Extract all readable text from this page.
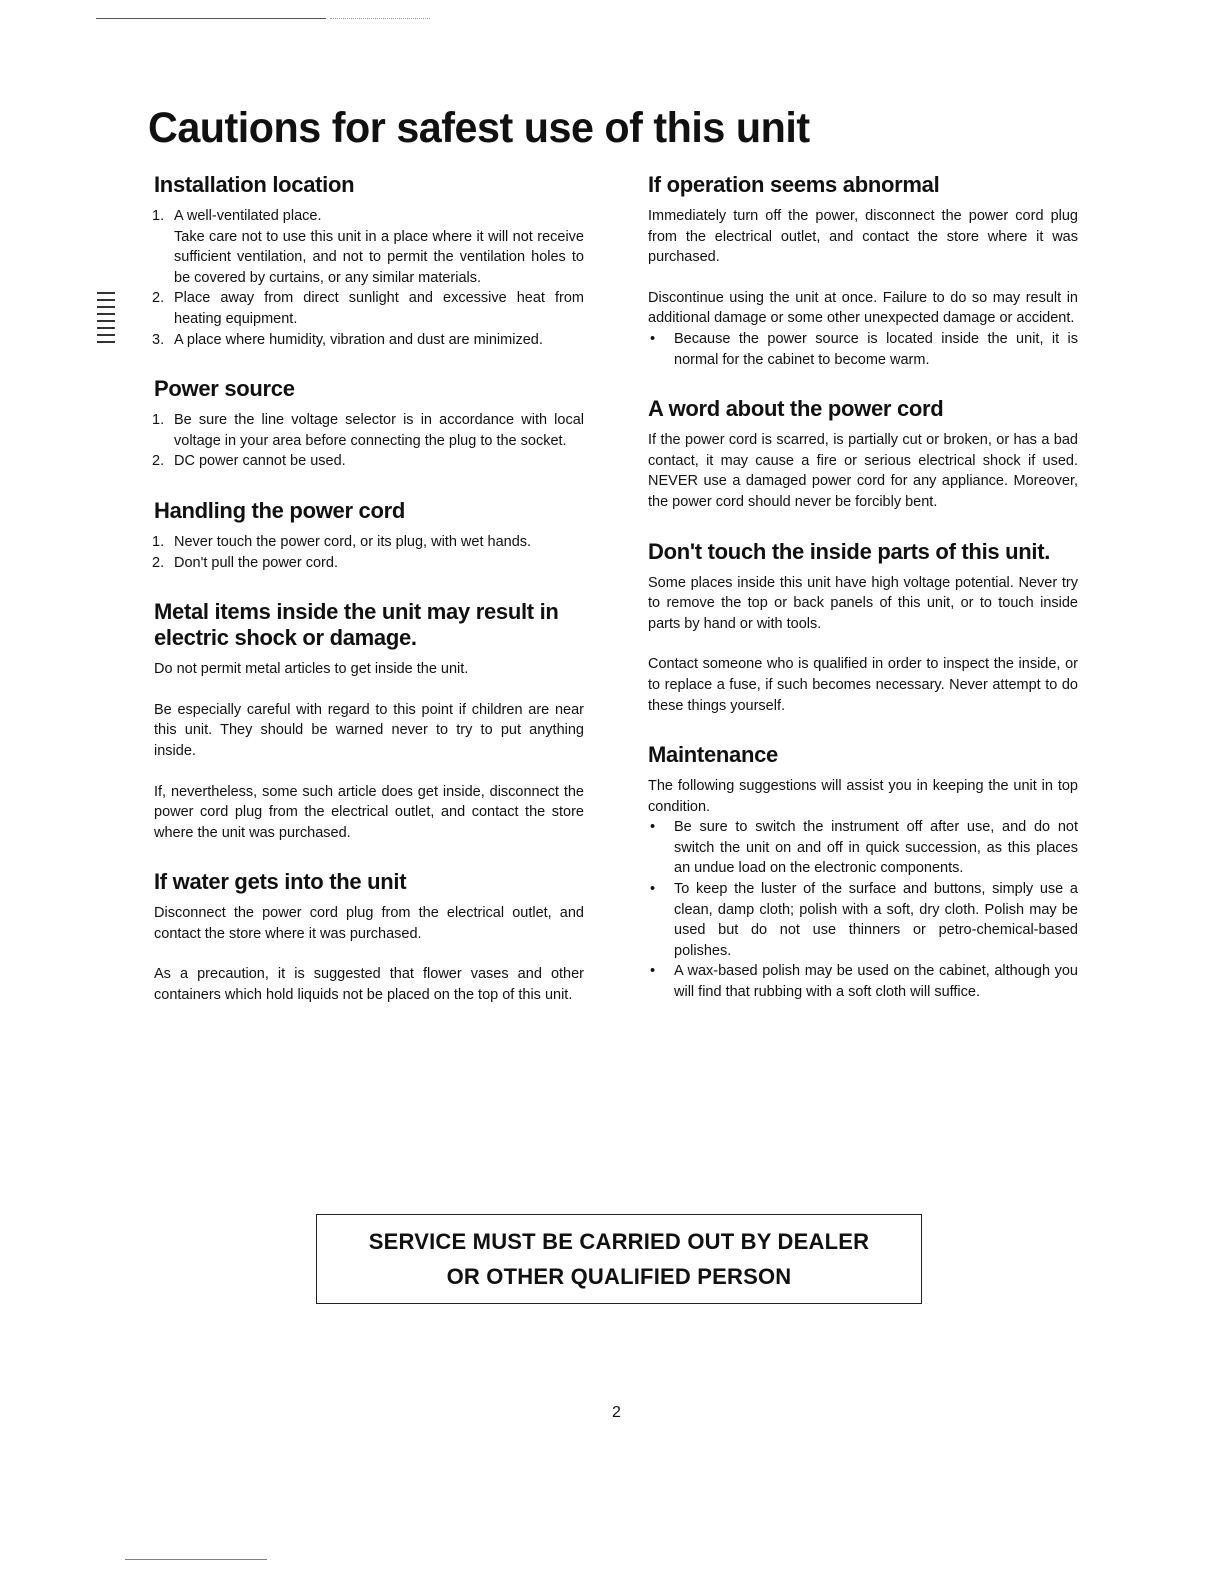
Cautions for safest use of this unit
Installation location
1. A well-ventilated place.
Take care not to use this unit in a place where it will not receive sufficient ventilation, and not to permit the ventilation holes to be covered by curtains, or any similar materials.
2. Place away from direct sunlight and excessive heat from heating equipment.
3. A place where humidity, vibration and dust are minimized.
Power source
1. Be sure the line voltage selector is in accordance with local voltage in your area before connecting the plug to the socket.
2. DC power cannot be used.
Handling the power cord
1. Never touch the power cord, or its plug, with wet hands.
2. Don't pull the power cord.
Metal items inside the unit may result in electric shock or damage.

Do not permit metal articles to get inside the unit.

Be especially careful with regard to this point if children are near this unit. They should be warned never to try to put anything inside.

If, nevertheless, some such article does get inside, disconnect the power cord plug from the electrical outlet, and contact the store where the unit was purchased.

If water gets into the unit

Disconnect the power cord plug from the electrical outlet, and contact the store where it was purchased.

As a precaution, it is suggested that flower vases and other containers which hold liquids not be placed on the top of this unit.

If operation seems abnormal

Immediately turn off the power, disconnect the power cord plug from the electrical outlet, and contact the store where it was purchased.

Discontinue using the unit at once. Failure to do so may result in additional damage or some other unexpected damage or accident.

• Because the power source is located inside the unit, it is normal for the cabinet to become warm.
A word about the power cord

If the power cord is scarred, is partially cut or broken, or has a bad contact, it may cause a fire or serious electrical shock if used. NEVER use a damaged power cord for any appliance. Moreover, the power cord should never be forcibly bent.

Don't touch the inside parts of this unit.

Some places inside this unit have high voltage potential. Never try to remove the top or back panels of this unit, or to touch inside parts by hand or with tools.

Contact someone who is qualified in order to inspect the inside, or to replace a fuse, if such becomes necessary. Never attempt to do these things yourself.

Maintenance

The following suggestions will assist you in keeping the unit in top condition.

• Be sure to switch the instrument off after use, and do not switch the unit on and off in quick succession, as this places an undue load on the electronic components.
• To keep the luster of the surface and buttons, simply use a clean, damp cloth; polish with a soft, dry cloth. Polish may be used but do not use thinners or petro-chemical-based polishes.
• A wax-based polish may be used on the cabinet, although you will find that rubbing with a soft cloth will suffice.
SERVICE MUST BE CARRIED OUT BY DEALER
OR OTHER QUALIFIED PERSON
2
